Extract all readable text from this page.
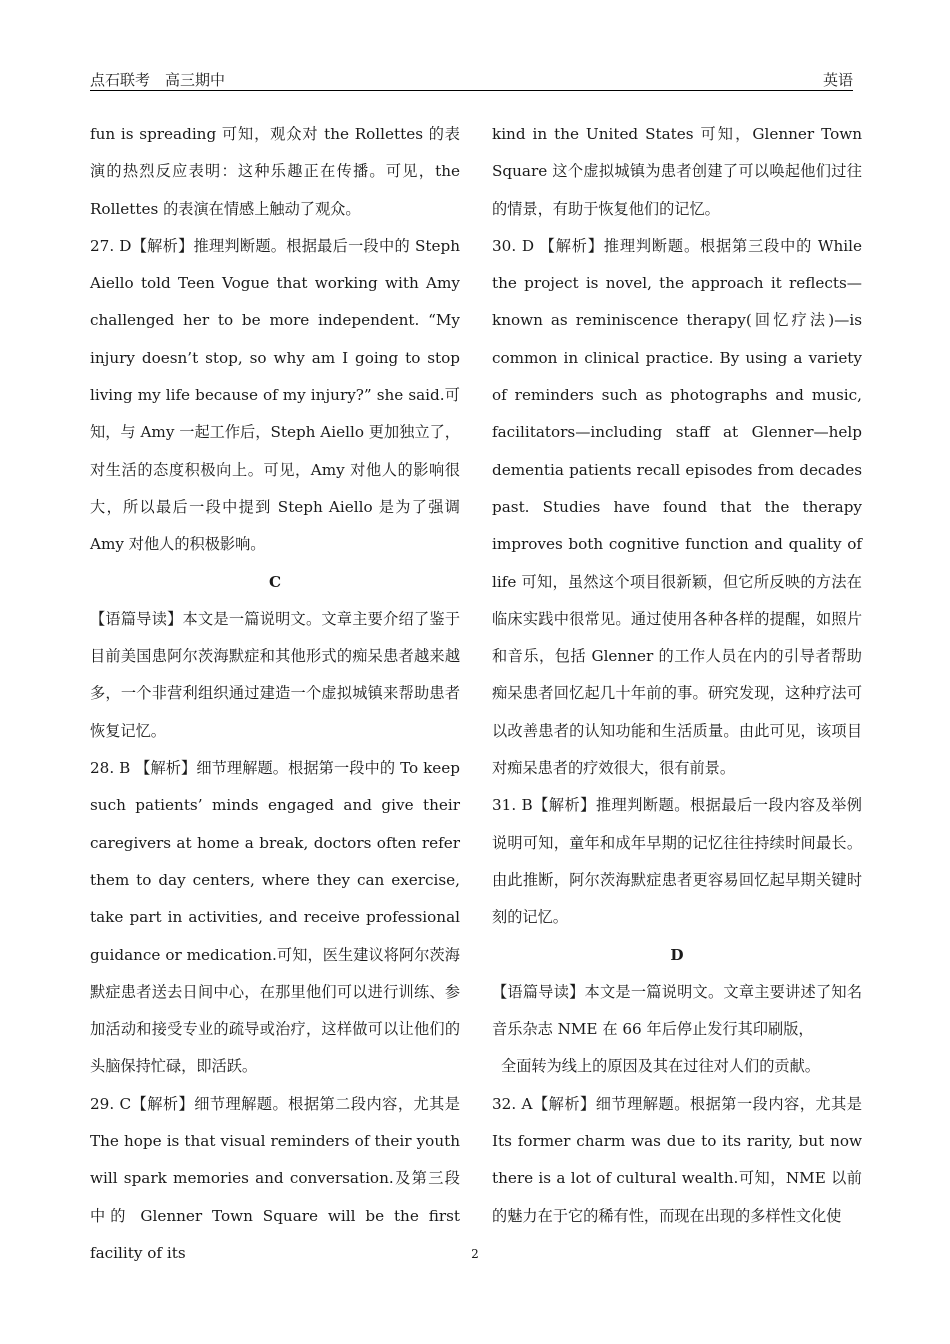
点石联考　高三期中	英语

fun is spreading 可知，观众对 the Rollettes 的表演的热烈反应表明：这种乐趣正在传播。可见，the Rollettes 的表演在情感上触动了观众。

27. D【解析】推理判断题。根据最后一段中的 Steph Aiello told Teen Vogue that working with Amy challenged her to be more independent. “My injury doesn’t stop, so why am I going to stop living my life because of my injury?” she said.可知，与 Amy 一起工作后，Steph Aiello 更加独立了，对生活的态度积极向上。可见，Amy 对他人的影响很大，所以最后一段中提到 Steph Aiello 是为了强调 Amy 对他人的积极影响。

C

【语篇导读】本文是一篇说明文。文章主要介绍了鉴于目前美国患阿尔茨海默症和其他形式的痴呆患者越来越多，一个非营利组织通过建造一个虚拟城镇来帮助患者恢复记忆。

28. B 【解析】细节理解题。根据第一段中的 To keep such patients’ minds engaged and give their caregivers at home a break, doctors often refer them to day centers, where they can exercise, take part in activities, and receive professional guidance or medication.可知，医生建议将阿尔茨海默症患者送去日间中心，在那里他们可以进行训练、参加活动和接受专业的疏导或治疗，这样做可以让他们的头脑保持忙碌，即活跃。

29. C【解析】细节理解题。根据第二段内容，尤其是 The hope is that visual reminders of their youth will spark memories and conversation.及第三段中的 Glenner Town Square will be the first facility of its

kind in the United States 可知，Glenner Town Square 这个虚拟城镇为患者创建了可以唤起他们过往的情景，有助于恢复他们的记忆。

30. D 【解析】推理判断题。根据第三段中的 While the project is novel, the approach it reflects—known as reminiscence therapy(回忆疗法)—is common in clinical practice. By using a variety of reminders such as photographs and music, facilitators—including staff at Glenner—help dementia patients recall episodes from decades past. Studies have found that the therapy improves both cognitive function and quality of life 可知，虽然这个项目很新颖，但它所反映的方法在临床实践中很常见。通过使用各种各样的提醒，如照片和音乐，包括 Glenner 的工作人员在内的引导者帮助痴呆患者回忆起几十年前的事。研究发现，这种疗法可以改善患者的认知功能和生活质量。由此可见，该项目对痴呆患者的疗效很大，很有前景。

31. B【解析】推理判断题。根据最后一段内容及举例说明可知，童年和成年早期的记忆往往持续时间最长。由此推断，阿尔茨海默症患者更容易回忆起早期关键时刻的记忆。

D

【语篇导读】本文是一篇说明文。文章主要讲述了知名音乐杂志 NME 在 66 年后停止发行其印刷版，

全面转为线上的原因及其在过往对人们的贡献。

32. A【解析】细节理解题。根据第一段内容，尤其是 Its former charm was due to its rarity, but now there is a lot of cultural wealth.可知，NME 以前的魅力在于它的稀有性，而现在出现的多样性文化使

2
